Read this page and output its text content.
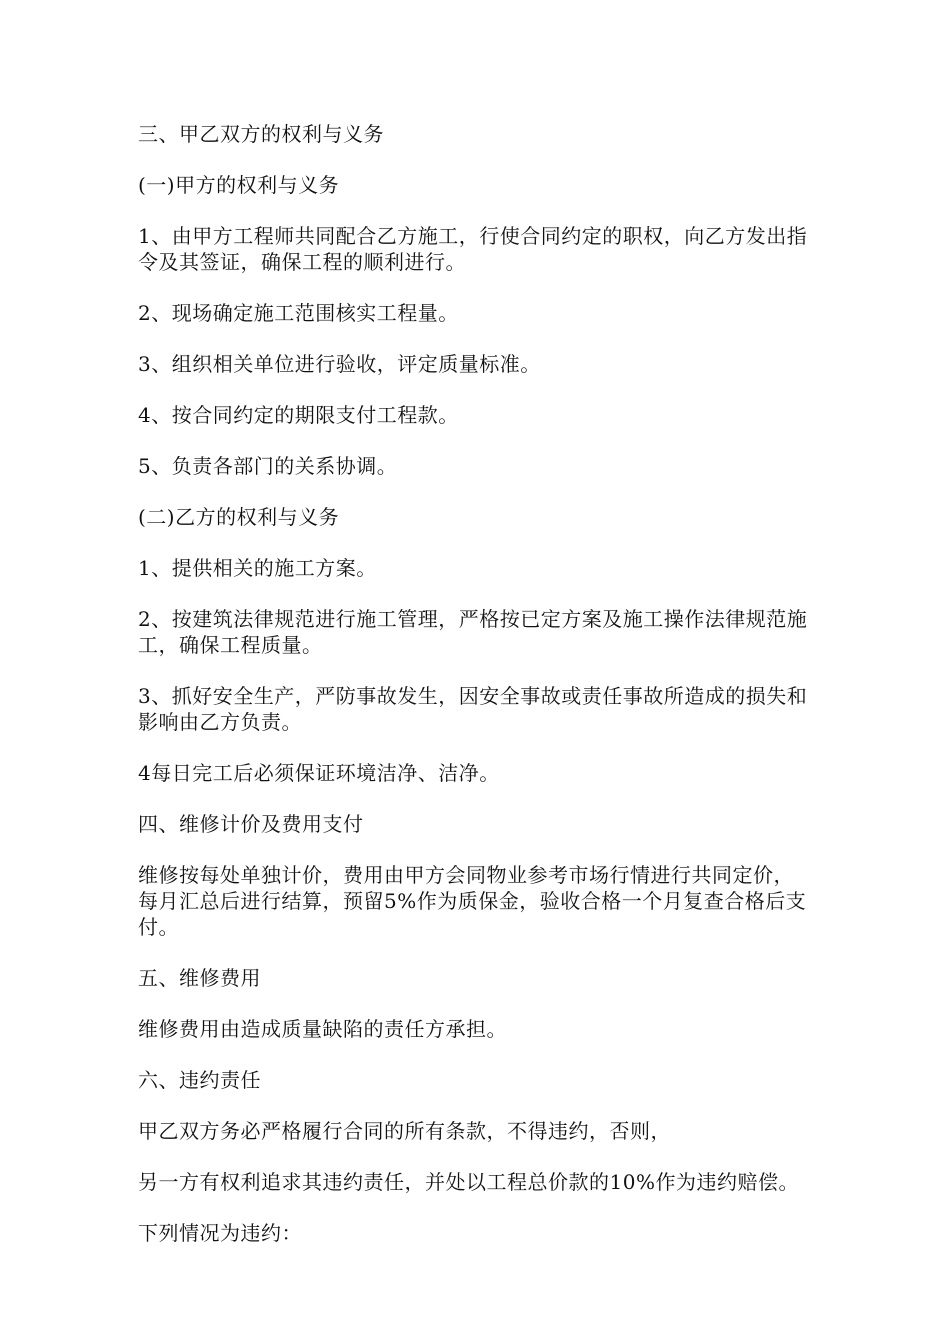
三、甲乙双方的权利与义务

(一)甲方的权利与义务

1、由甲方工程师共同配合乙方施工，行使合同约定的职权，向乙方发出指令及其签证，确保工程的顺利进行。

2、现场确定施工范围核实工程量。

3、组织相关单位进行验收，评定质量标准。

4、按合同约定的期限支付工程款。

5、负责各部门的关系协调。

(二)乙方的权利与义务

1、提供相关的施工方案。

2、按建筑法律规范进行施工管理，严格按已定方案及施工操作法律规范施工，确保工程质量。

3、抓好安全生产，严防事故发生，因安全事故或责任事故所造成的损失和影响由乙方负责。

4每日完工后必须保证环境洁净、洁净。

四、维修计价及费用支付

维修按每处单独计价，费用由甲方会同物业参考市场行情进行共同定价，每月汇总后进行结算，预留5%作为质保金，验收合格一个月复查合格后支付。

五、维修费用

维修费用由造成质量缺陷的责任方承担。

六、违约责任

甲乙双方务必严格履行合同的所有条款，不得违约，否则，

另一方有权利追求其违约责任，并处以工程总价款的10%作为违约赔偿。

下列情况为违约：
